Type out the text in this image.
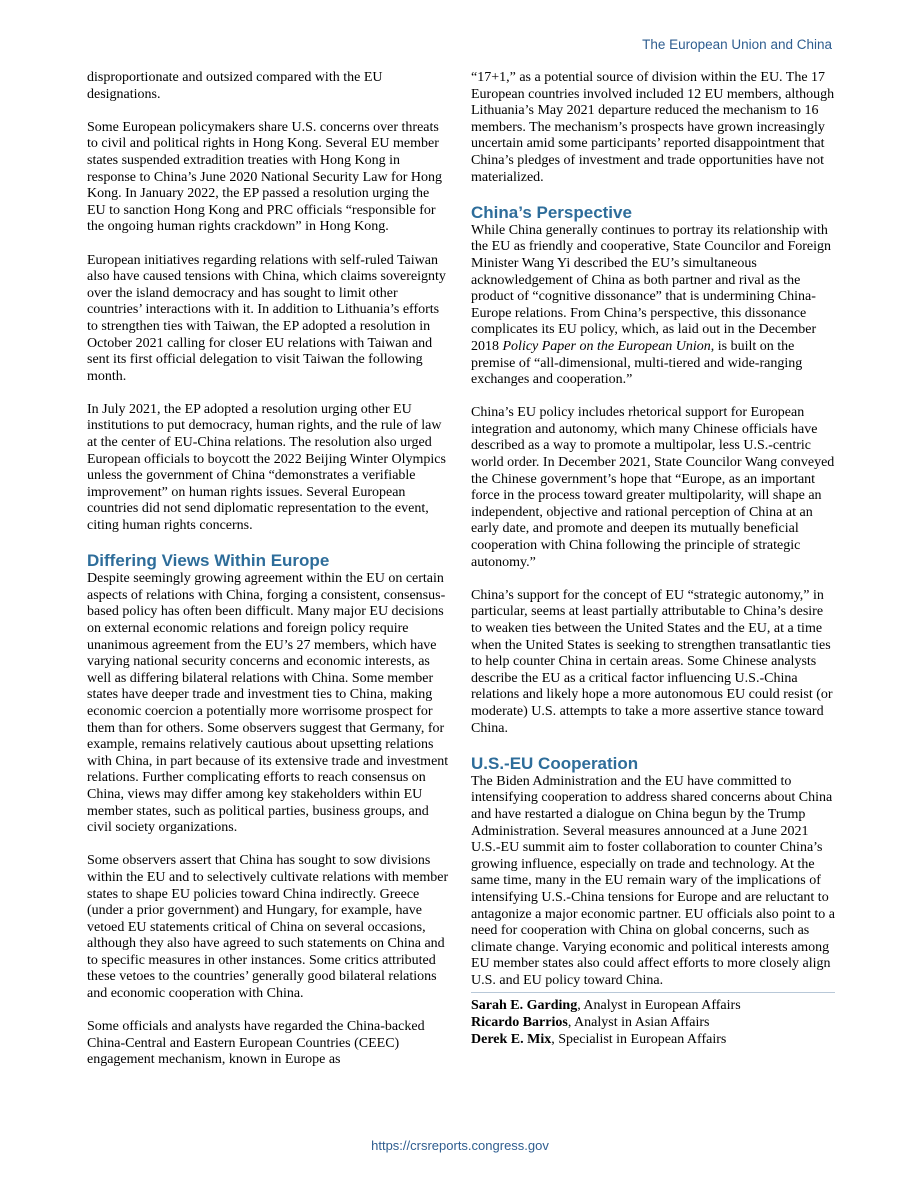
The European Union and China

disproportionate and outsized compared with the EU designations.

Some European policymakers share U.S. concerns over threats to civil and political rights in Hong Kong. Several EU member states suspended extradition treaties with Hong Kong in response to China’s June 2020 National Security Law for Hong Kong. In January 2022, the EP passed a resolution urging the EU to sanction Hong Kong and PRC officials “responsible for the ongoing human rights crackdown” in Hong Kong.

European initiatives regarding relations with self-ruled Taiwan also have caused tensions with China, which claims sovereignty over the island democracy and has sought to limit other countries’ interactions with it. In addition to Lithuania’s efforts to strengthen ties with Taiwan, the EP adopted a resolution in October 2021 calling for closer EU relations with Taiwan and sent its first official delegation to visit Taiwan the following month.

In July 2021, the EP adopted a resolution urging other EU institutions to put democracy, human rights, and the rule of law at the center of EU-China relations. The resolution also urged European officials to boycott the 2022 Beijing Winter Olympics unless the government of China “demonstrates a verifiable improvement” on human rights issues. Several European countries did not send diplomatic representation to the event, citing human rights concerns.

Differing Views Within Europe

Despite seemingly growing agreement within the EU on certain aspects of relations with China, forging a consistent, consensus-based policy has often been difficult. Many major EU decisions on external economic relations and foreign policy require unanimous agreement from the EU’s 27 members, which have varying national security concerns and economic interests, as well as differing bilateral relations with China. Some member states have deeper trade and investment ties to China, making economic coercion a potentially more worrisome prospect for them than for others. Some observers suggest that Germany, for example, remains relatively cautious about upsetting relations with China, in part because of its extensive trade and investment relations. Further complicating efforts to reach consensus on China, views may differ among key stakeholders within EU member states, such as political parties, business groups, and civil society organizations.

Some observers assert that China has sought to sow divisions within the EU and to selectively cultivate relations with member states to shape EU policies toward China indirectly. Greece (under a prior government) and Hungary, for example, have vetoed EU statements critical of China on several occasions, although they also have agreed to such statements on China and to specific measures in other instances. Some critics attributed these vetoes to the countries’ generally good bilateral relations and economic cooperation with China.

Some officials and analysts have regarded the China-backed China-Central and Eastern European Countries (CEEC) engagement mechanism, known in Europe as

“17+1,” as a potential source of division within the EU. The 17 European countries involved included 12 EU members, although Lithuania’s May 2021 departure reduced the mechanism to 16 members. The mechanism’s prospects have grown increasingly uncertain amid some participants’ reported disappointment that China’s pledges of investment and trade opportunities have not materialized.

China’s Perspective

While China generally continues to portray its relationship with the EU as friendly and cooperative, State Councilor and Foreign Minister Wang Yi described the EU’s simultaneous acknowledgement of China as both partner and rival as the product of “cognitive dissonance” that is undermining China-Europe relations. From China’s perspective, this dissonance complicates its EU policy, which, as laid out in the December 2018 Policy Paper on the European Union, is built on the premise of “all-dimensional, multi-tiered and wide-ranging exchanges and cooperation.”

China’s EU policy includes rhetorical support for European integration and autonomy, which many Chinese officials have described as a way to promote a multipolar, less U.S.-centric world order. In December 2021, State Councilor Wang conveyed the Chinese government’s hope that “Europe, as an important force in the process toward greater multipolarity, will shape an independent, objective and rational perception of China at an early date, and promote and deepen its mutually beneficial cooperation with China following the principle of strategic autonomy.”

China’s support for the concept of EU “strategic autonomy,” in particular, seems at least partially attributable to China’s desire to weaken ties between the United States and the EU, at a time when the United States is seeking to strengthen transatlantic ties to help counter China in certain areas. Some Chinese analysts describe the EU as a critical factor influencing U.S.-China relations and likely hope a more autonomous EU could resist (or moderate) U.S. attempts to take a more assertive stance toward China.

U.S.-EU Cooperation

The Biden Administration and the EU have committed to intensifying cooperation to address shared concerns about China and have restarted a dialogue on China begun by the Trump Administration. Several measures announced at a June 2021 U.S.-EU summit aim to foster collaboration to counter China’s growing influence, especially on trade and technology. At the same time, many in the EU remain wary of the implications of intensifying U.S.-China tensions for Europe and are reluctant to antagonize a major economic partner. EU officials also point to a need for cooperation with China on global concerns, such as climate change. Varying economic and political interests among EU member states also could affect efforts to more closely align U.S. and EU policy toward China.

Sarah E. Garding, Analyst in European Affairs

Ricardo Barrios, Analyst in Asian Affairs

Derek E. Mix, Specialist in European Affairs

https://crsreports.congress.gov
